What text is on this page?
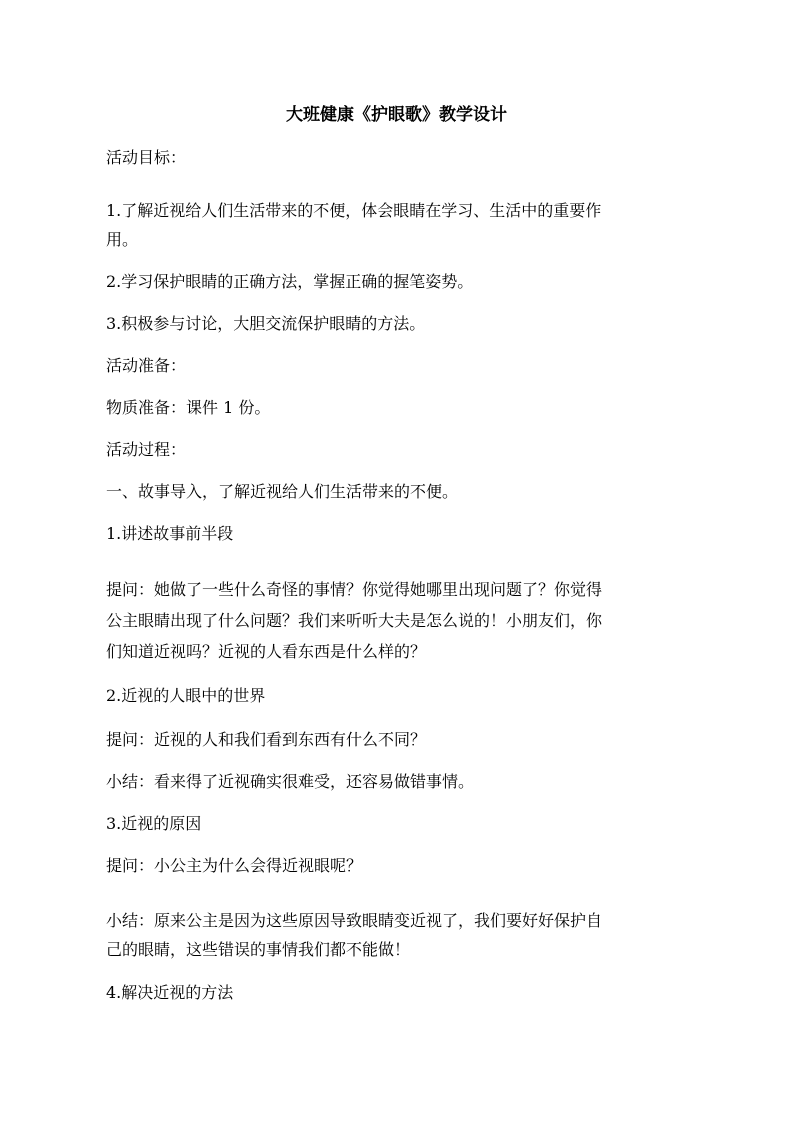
大班健康《护眼歌》教学设计
活动目标：
1.了解近视给人们生活带来的不便，体会眼睛在学习、生活中的重要作
用。
2.学习保护眼睛的正确方法，掌握正确的握笔姿势。
3.积极参与讨论，大胆交流保护眼睛的方法。
活动准备：
物质准备：课件 1 份。
活动过程：
一、故事导入，了解近视给人们生活带来的不便。
1.讲述故事前半段
提问：她做了一些什么奇怪的事情？你觉得她哪里出现问题了？你觉得
公主眼睛出现了什么问题？我们来听听大夫是怎么说的！小朋友们，你
们知道近视吗？近视的人看东西是什么样的？
2.近视的人眼中的世界
提问：近视的人和我们看到东西有什么不同？
小结：看来得了近视确实很难受，还容易做错事情。
3.近视的原因
提问：小公主为什么会得近视眼呢？
小结：原来公主是因为这些原因导致眼睛变近视了，我们要好好保护自
己的眼睛，这些错误的事情我们都不能做！
4.解决近视的方法
